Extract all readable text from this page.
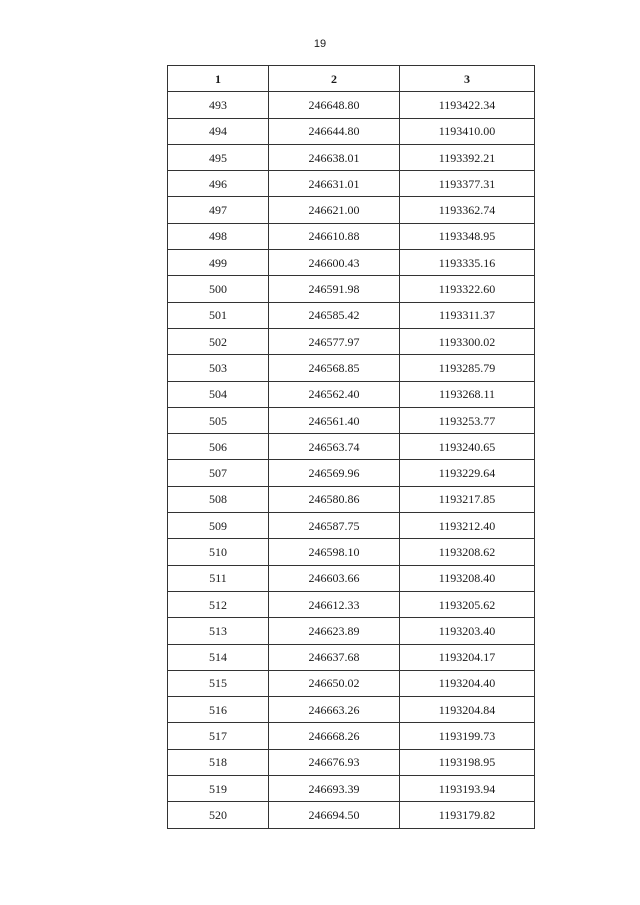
19
1	2	3
493	246648.80	1193422.34
494	246644.80	1193410.00
495	246638.01	1193392.21
496	246631.01	1193377.31
497	246621.00	1193362.74
498	246610.88	1193348.95
499	246600.43	1193335.16
500	246591.98	1193322.60
501	246585.42	1193311.37
502	246577.97	1193300.02
503	246568.85	1193285.79
504	246562.40	1193268.11
505	246561.40	1193253.77
506	246563.74	1193240.65
507	246569.96	1193229.64
508	246580.86	1193217.85
509	246587.75	1193212.40
510	246598.10	1193208.62
511	246603.66	1193208.40
512	246612.33	1193205.62
513	246623.89	1193203.40
514	246637.68	1193204.17
515	246650.02	1193204.40
516	246663.26	1193204.84
517	246668.26	1193199.73
518	246676.93	1193198.95
519	246693.39	1193193.94
520	246694.50	1193179.82
